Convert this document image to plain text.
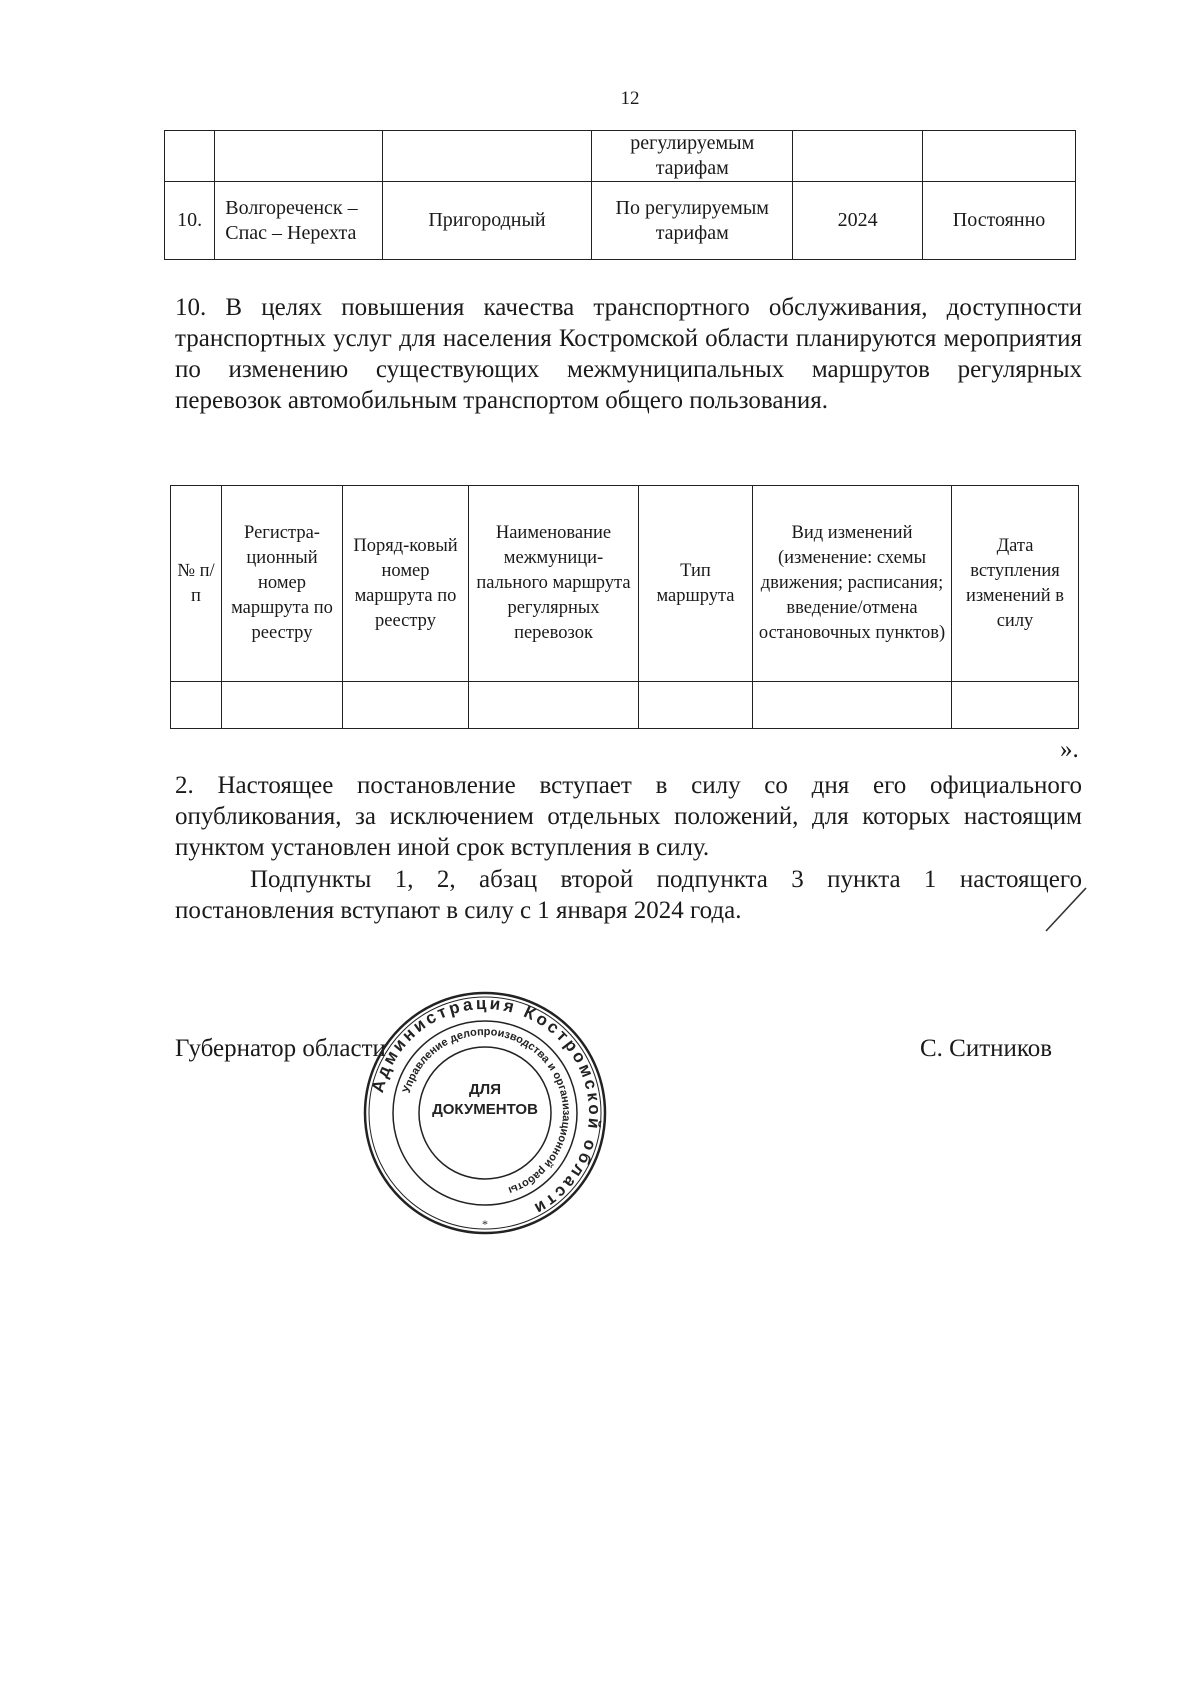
12
			регулируемым тарифам		
10.	Волгореченск – Спас – Нерехта	Пригородный	По регулируемым тарифам	2024	Постоянно

10. В целях повышения качества транспортного обслуживания, доступности транспортных услуг для населения Костромской области планируются мероприятия по изменению существующих межмуниципальных маршрутов регулярных перевозок автомобильным транспортом общего пользования.

№ п/п	Регистра-ционный номер маршрута по реестру	Поряд-ковый номер маршрута по реестру	Наименование межмуници-пального маршрута регулярных перевозок	Тип маршрута	Вид изменений (изменение: схемы движения; расписания; введение/отмена остановочных пунктов)	Дата вступления изменений в силу

».

2. Настоящее постановление вступает в силу со дня его официального опубликования, за исключением отдельных положений, для которых настоящим пунктом установлен иной срок вступления в силу.

Подпункты 1, 2, абзац второй подпункта 3 пункта 1 настоящего постановления вступают в силу с 1 января 2024 года.

Губернатор области	С. Ситников
Администрация Костромской области
Управление делопроизводства и организационной работы
*
ДЛЯ
ДОКУМЕНТОВ
